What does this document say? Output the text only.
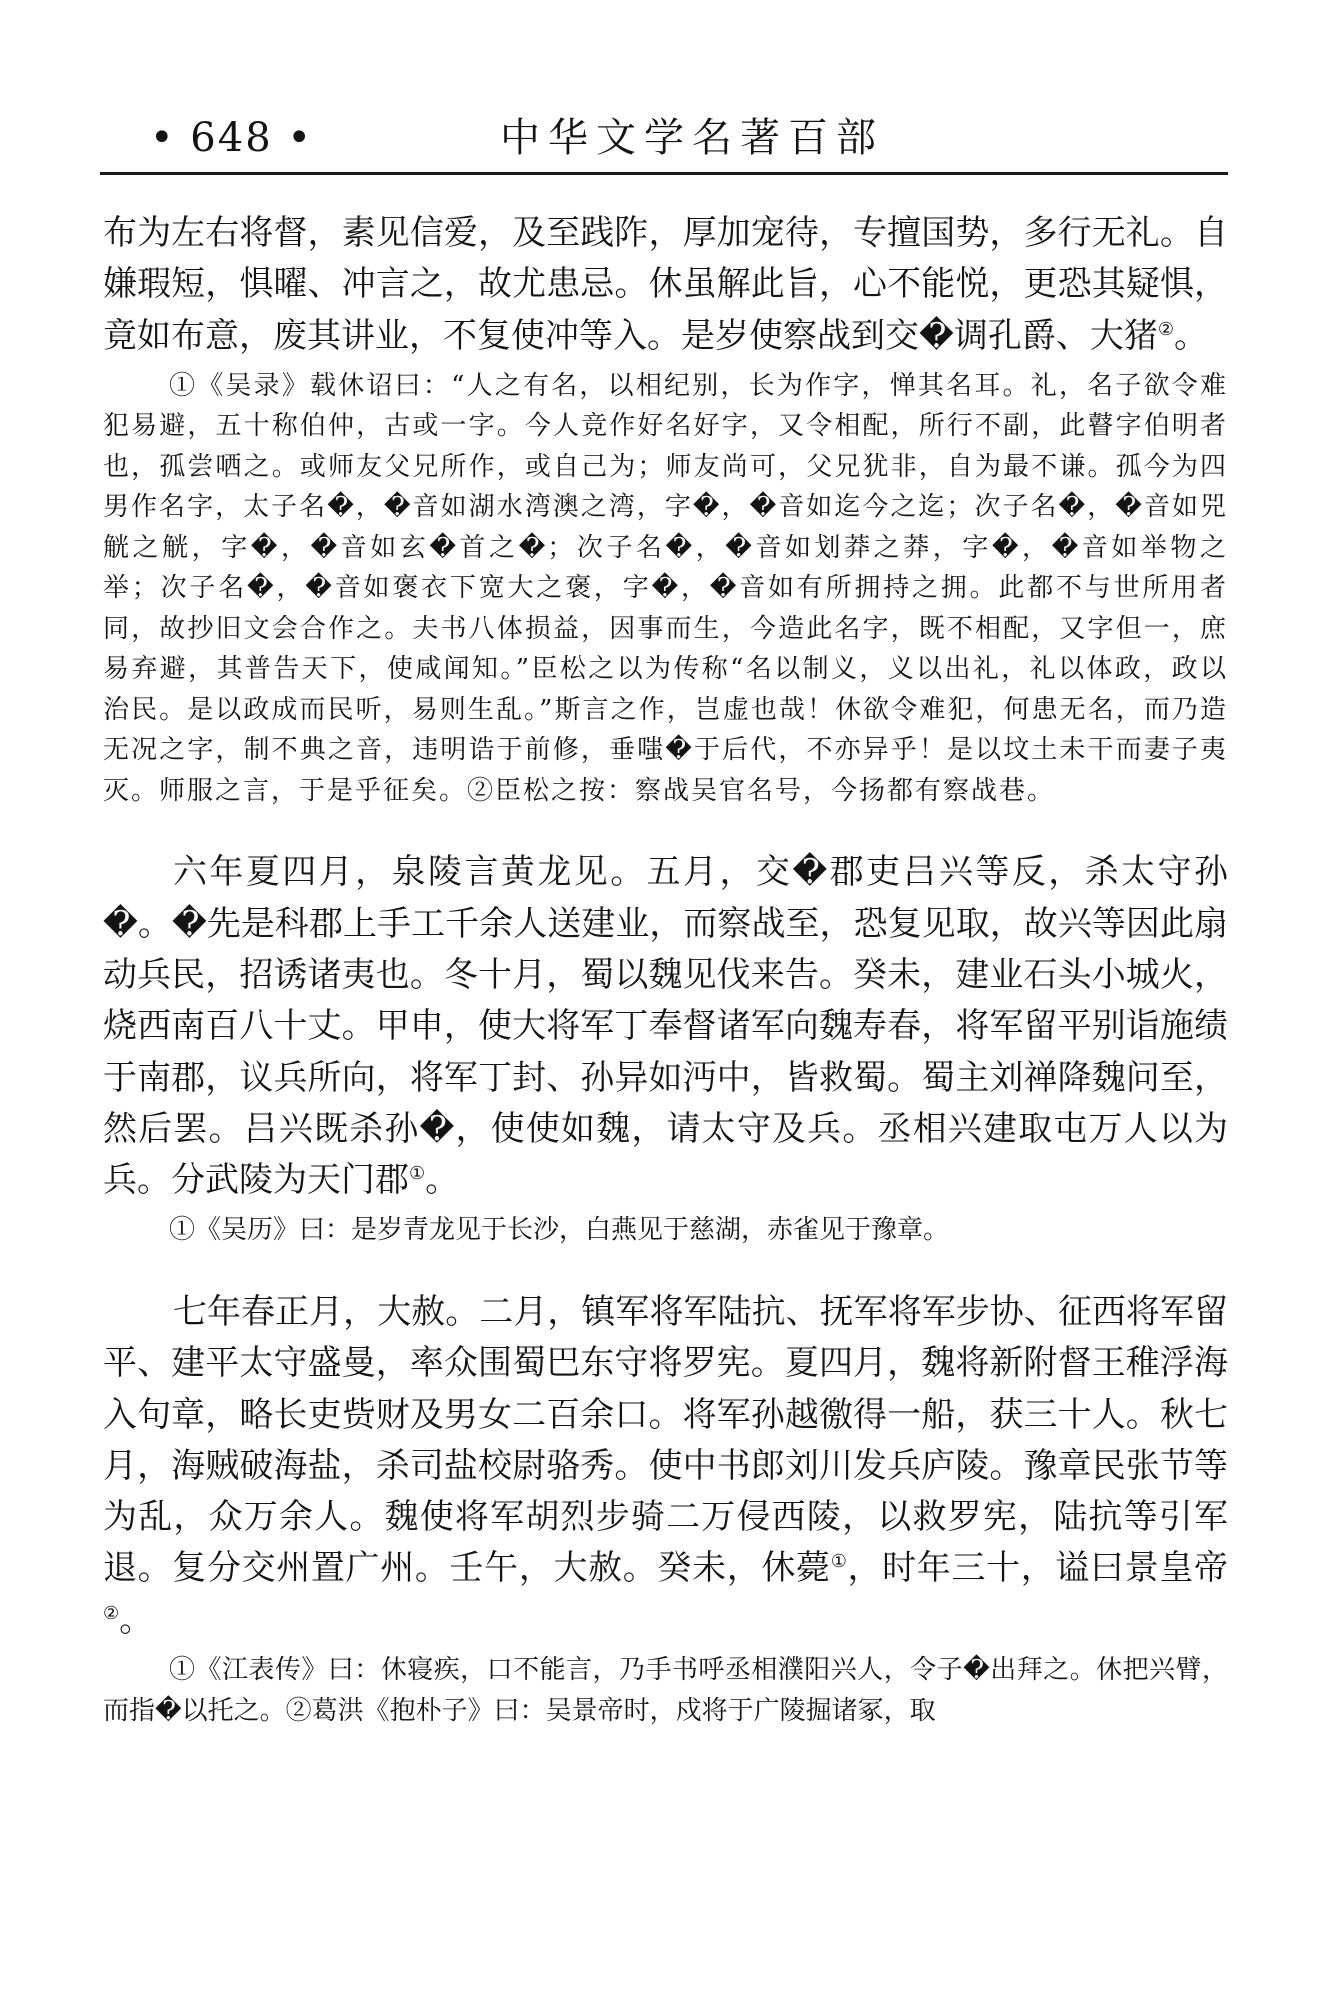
• 648 •	中华文学名著百部

布为左右将督，素见信爱，及至践阼，厚加宠待，专擅国势，多行无礼。自嫌瑕短，惧曜、冲言之，故尤患忌。休虽解此旨，心不能悦，更恐其疑惧，竟如布意，废其讲业，不复使冲等入。是岁使察战到交�调孔爵、大猪②。

①《吴录》载休诏曰：“人之有名，以相纪别，长为作字，惮其名耳。礼，名子欲令难犯易避，五十称伯仲，古或一字。今人竞作好名好字，又令相配，所行不副，此瞽字伯明者也，孤尝哂之。或师友父兄所作，或自己为；师友尚可，父兄犹非，自为最不谦。孤今为四男作名字，太子名�，�音如湖水湾澳之湾，字�，�音如迄今之迄；次子名�，�音如兕觥之觥，字�，�音如玄�首之�；次子名�，�音如划莽之莽，字�，�音如举物之举；次子名�，�音如褒衣下宽大之褒，字�，�音如有所拥持之拥。此都不与世所用者同，故抄旧文会合作之。夫书八体损益，因事而生，今造此名字，既不相配，又字但一，庶易弃避，其普告天下，使咸闻知。”臣松之以为传称“名以制义，义以出礼，礼以体政，政以治民。是以政成而民听，易则生乱。”斯言之作，岂虚也哉！休欲令难犯，何患无名，而乃造无况之字，制不典之音，违明诰于前修，垂嗤�于后代，不亦异乎！是以坟土未干而妻子夷灭。师服之言，于是乎征矣。②臣松之按：察战吴官名号，今扬都有察战巷。

六年夏四月，泉陵言黄龙见。五月，交�郡吏吕兴等反，杀太守孙�。�先是科郡上手工千余人送建业，而察战至，恐复见取，故兴等因此扇动兵民，招诱诸夷也。冬十月，蜀以魏见伐来告。癸未，建业石头小城火，烧西南百八十丈。甲申，使大将军丁奉督诸军向魏寿春，将军留平别诣施绩于南郡，议兵所向，将军丁封、孙异如沔中，皆救蜀。蜀主刘禅降魏问至，然后罢。吕兴既杀孙�，使使如魏，请太守及兵。丞相兴建取屯万人以为兵。分武陵为天门郡①。

①《吴历》曰：是岁青龙见于长沙，白燕见于慈湖，赤雀见于豫章。

七年春正月，大赦。二月，镇军将军陆抗、抚军将军步协、征西将军留平、建平太守盛曼，率众围蜀巴东守将罗宪。夏四月，魏将新附督王稚浮海入句章，略长吏赀财及男女二百余口。将军孙越徼得一船，获三十人。秋七月，海贼破海盐，杀司盐校尉骆秀。使中书郎刘川发兵庐陵。豫章民张节等为乱，众万余人。魏使将军胡烈步骑二万侵西陵，以救罗宪，陆抗等引军退。复分交州置广州。壬午，大赦。癸未，休薨①，时年三十，谥曰景皇帝②。

①《江表传》曰：休寝疾，口不能言，乃手书呼丞相濮阳兴人，令子�出拜之。休把兴臂，而指�以托之。②葛洪《抱朴子》曰：吴景帝时，戍将于广陵掘诸冢，取
